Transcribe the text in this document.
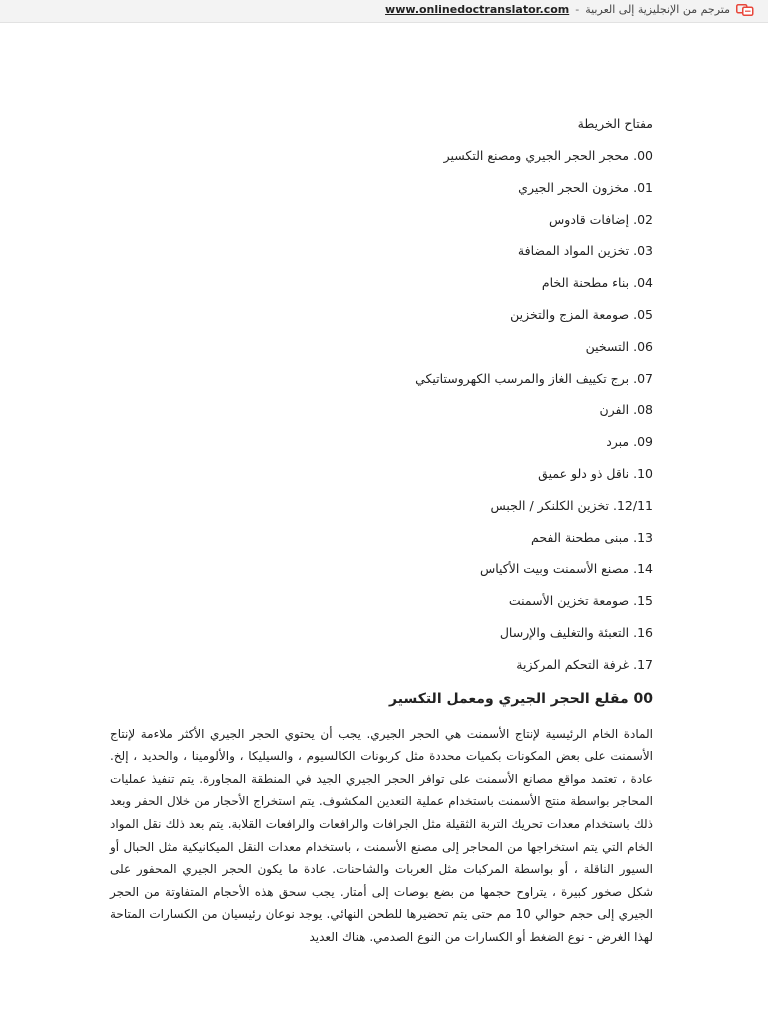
www.onlinedoctranslator.com - مترجم من الإنجليزية إلى العربية
مفتاح الخريطة
00. محجر الحجر الجيري ومصنع التكسير
01. مخزون الحجر الجيري
02. إضافات قادوس
03. تخزين المواد المضافة
04. بناء مطحنة الخام
05. صومعة المزج والتخزين
06. التسخين
07. برج تكييف الغاز والمرسب الكهروستاتيكي
08. الفرن
09. مبرد
10. ناقل ذو دلو عميق
12/11. تخزين الكلنكر / الجبس
13. مبنى مطحنة الفحم
14. مصنع الأسمنت وبيت الأكياس
15. صومعة تخزين الأسمنت
16. التعبئة والتغليف والإرسال
17. غرفة التحكم المركزية
00 مقلع الحجر الجيري ومعمل التكسير

المادة الخام الرئيسية لإنتاج الأسمنت هي الحجر الجيري. يجب أن يحتوي الحجر الجيري الأكثر ملاءمة لإنتاج الأسمنت على بعض المكونات بكميات محددة مثل كربونات الكالسيوم ، والسيليكا ، والألومينا ، والحديد ، إلخ. عادة ، تعتمد مواقع مصانع الأسمنت على توافر الحجر الجيري الجيد في المنطقة المجاورة. يتم تنفيذ عمليات المحاجر بواسطة منتج الأسمنت باستخدام عملية التعدين المكشوف. يتم استخراج الأحجار من خلال الحفر وبعد ذلك باستخدام معدات تحريك التربة الثقيلة مثل الجرافات والرافعات والرافعات القلابة. يتم بعد ذلك نقل المواد الخام التي يتم استخراجها من المحاجر إلى مصنع الأسمنت ، باستخدام معدات النقل الميكانيكية مثل الحبال أو السيور الناقلة ، أو بواسطة المركبات مثل العربات والشاحنات. عادة ما يكون الحجر الجيري المحفور على شكل صخور كبيرة ، يتراوح حجمها من بضع بوصات إلى أمتار. يجب سحق هذه الأحجام المتفاوتة من الحجر الجيري إلى حجم حوالي 10 مم حتى يتم تحضيرها للطحن النهائي. يوجد نوعان رئيسيان من الكسارات المتاحة لهذا الغرض - نوع الضغط أو الكسارات من النوع الصدمي. هناك العديد
